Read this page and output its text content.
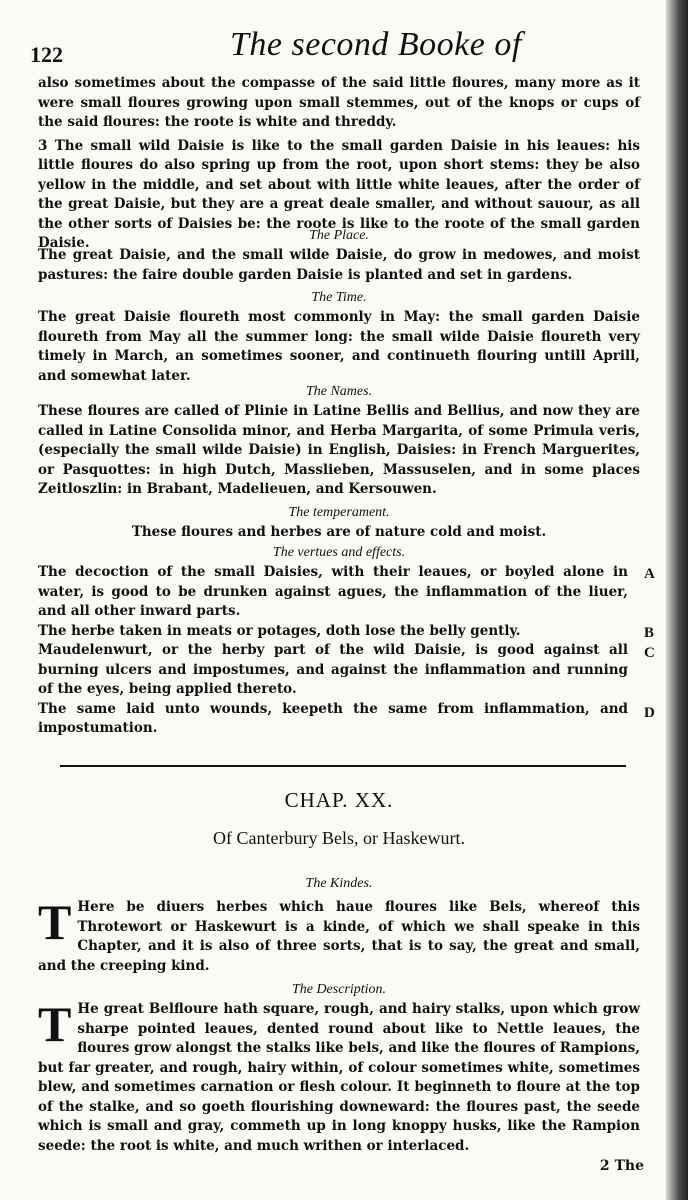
122	The second Booke of

also sometimes about the compasse of the said little floures, many more as it were small floures growing upon small stemmes, out of the knops or cups of the said floures: the roote is white and threddy.

3 The small wild Daisie is like to the small garden Daisie in his leaues: his little floures do also spring up from the root, upon short stems: they be also yellow in the middle, and set about with little white leaues, after the order of the great Daisie, but they are a great deale smaller, and without sauour, as all the other sorts of Daisies be: the roote is like to the roote of the small garden Daisie.	The Place.
The great Daisie, and the small wilde Daisie, do grow in medowes, and moist pastures: the faire double garden Daisie is planted and set in gardens.
The Time.
The great Daisie floureth most commonly in May: the small garden Daisie floureth from May all the summer long: the small wilde Daisie floureth very timely in March, an sometimes sooner, and continueth flouring untill Aprill, and somewhat later.
The Names.
These floures are called of Plinie in Latine Bellis and Bellius, and now they are called in Latine Consolida minor, and Herba Margarita, of some Primula veris, (especially the small wilde Daisie) in English, Daisies: in French Marguerites, or Pasquottes: in high Dutch, Masslieben, Massuselen, and in some places Zeitloszlin: in Brabant, Madelieuen, and Kersouwen.
The temperament.
These floures and herbes are of nature cold and moist.
The vertues and effects.

The decoction of the small Daisies, with their leaues, or boyled alone in water, is good to be drunken against agues, the inflammation of the liuer, and all other inward parts.

The herbe taken in meats or potages, doth lose the belly gently.

Maudelenwurt, or the herby part of the wild Daisie, is good against all burning ulcers and impostumes, and against the inflammation and running of the eyes, being applied thereto.

The same laid unto wounds, keepeth the same from inflammation, and impostumation.

A
B
C
D
CHAP. XX.
Of Canterbury Bels, or Haskewurt.
The Kindes.
T Here be diuers herbes which haue floures like Bels, whereof this Throtewort or Haskewurt is a kinde, of which we shall speake in this Chapter, and it is also of three sorts, that is to say, the great and small, and the creeping kind.
The Description.
T He great Belfloure hath square, rough, and hairy stalks, upon which grow sharpe pointed leaues, dented round about like to Nettle leaues, the floures grow alongst the stalks like bels, and like the floures of Rampions, but far greater, and rough, hairy within, of colour sometimes white, sometimes blew, and sometimes carnation or flesh colour. It beginneth to floure at the top of the stalke, and so goeth flourishing downeward: the floures past, the seede which is small and gray, commeth up in long knoppy husks, like the Rampion seede: the root is white, and much writhen or interlaced.
2 The
